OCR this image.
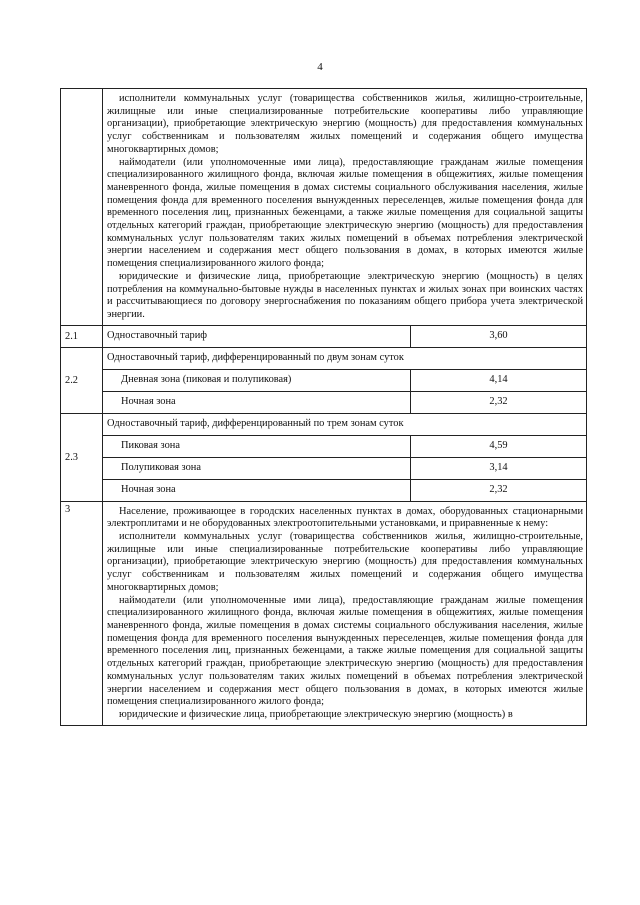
4

	исполнители коммунальных услуг (товарищества собственников жилья, жилищно-строительные, жилищные или иные специализированные потребительские кооперативы либо управляющие организации), приобретающие электрическую энергию (мощность) для предоставления коммунальных услуг собственникам и пользователям жилых помещений и содержания общего имущества многоквартирных домов;

наймодатели (или уполномоченные ими лица), предоставляющие гражданам жилые помещения специализированного жилищного фонда, включая жилые помещения в общежитиях, жилые помещения маневренного фонда, жилые помещения в домах системы социального обслуживания населения, жилые помещения фонда для временного поселения вынужденных переселенцев, жилые помещения фонда для временного поселения лиц, признанных беженцами, а также жилые помещения для социальной защиты отдельных категорий граждан, приобретающие электрическую энергию (мощность) для предоставления коммунальных услуг пользователям таких жилых помещений в объемах потребления электрической энергии населением и содержания мест общего пользования в домах, в которых имеются жилые помещения специализированного жилого фонда;

юридические и физические лица, приобретающие электрическую энергию (мощность) в целях потребления на коммунально-бытовые нужды в населенных пунктах и жилых зонах при воинских частях и рассчитывающиеся по договору энергоснабжения по показаниям общего прибора учета электрической энергии.	

2.1	Одноставочный тариф	3,60
2.2	Одноставочный тариф, дифференцированный по двум зонам суток	
	Дневная зона (пиковая и полупиковая)	4,14
	Ночная зона	2,32
2.3	Одноставочный тариф, дифференцированный по трем зонам суток	
	Пиковая зона	4,59
	Полупиковая зона	3,14
	Ночная зона	2,32
3	Население, проживающее в городских населенных пунктах в домах, оборудованных стационарными электроплитами и не оборудованных электроотопительными установками, и приравненные к нему:

исполнители коммунальных услуг (товарищества собственников жилья, жилищно-строительные, жилищные или иные специализированные потребительские кооперативы либо управляющие организации), приобретающие электрическую энергию (мощность) для предоставления коммунальных услуг собственникам и пользователям жилых помещений и содержания общего имущества многоквартирных домов;

наймодатели (или уполномоченные ими лица), предоставляющие гражданам жилые помещения специализированного жилищного фонда, включая жилые помещения в общежитиях, жилые помещения маневренного фонда, жилые помещения в домах системы социального обслуживания населения, жилые помещения фонда для временного поселения вынужденных переселенцев, жилые помещения фонда для временного поселения лиц, признанных беженцами, а также жилые помещения для социальной защиты отдельных категорий граждан, приобретающие электрическую энергию (мощность) для предоставления коммунальных услуг пользователям таких жилых помещений в объемах потребления электрической энергии населением и содержания мест общего пользования в домах, в которых имеются жилые помещения специализированного жилого фонда;

юридические и физические лица, приобретающие электрическую энергию (мощность) в	
